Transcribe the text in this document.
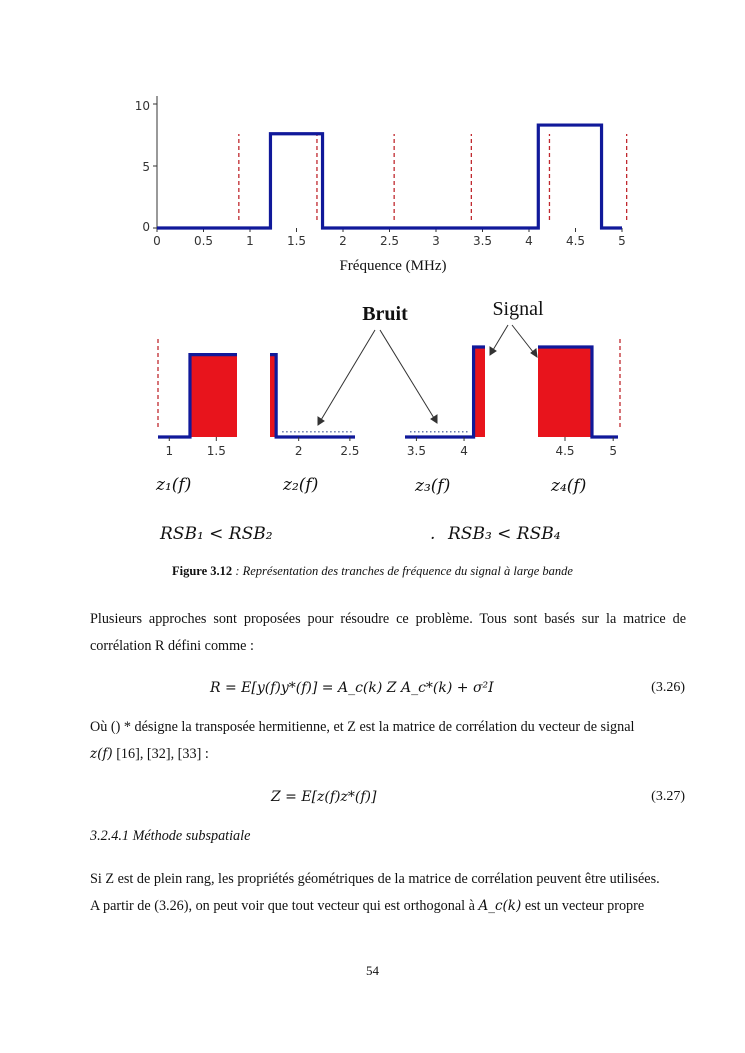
10
5
0
0	0.5	1	1.5	2	2.5	3	3.5	4	4.5	5
Fréquence (MHz)
1	1.5	2	2.5	3.5	4	4.5	5
Bruit	Signal
z₁(f)	z₂(f)	z₃(f)	z₄(f)
RSB₁ < RSB₂	. RSB₃ < RSB₄
Figure 3.12 : Représentation des tranches de fréquence du signal à large bande
Plusieurs approches sont proposées pour résoudre ce problème. Tous sont basés sur la matrice de corrélation R défini comme :
R = E[y(f)y*(f)] = A_c(k) Z A_c*(k) + σ²I	(3.26)
Où () * désigne la transposée hermitienne, et Z est la matrice de corrélation du vecteur de signal
z(f) [16], [32], [33] :
Z = E[z(f)z*(f)]	(3.27)
3.2.4.1 Méthode subspatiale
Si Z est de plein rang, les propriétés géométriques de la matrice de corrélation peuvent être utilisées.
A partir de (3.26), on peut voir que tout vecteur qui est orthogonal à A_c(k) est un vecteur propre
54
